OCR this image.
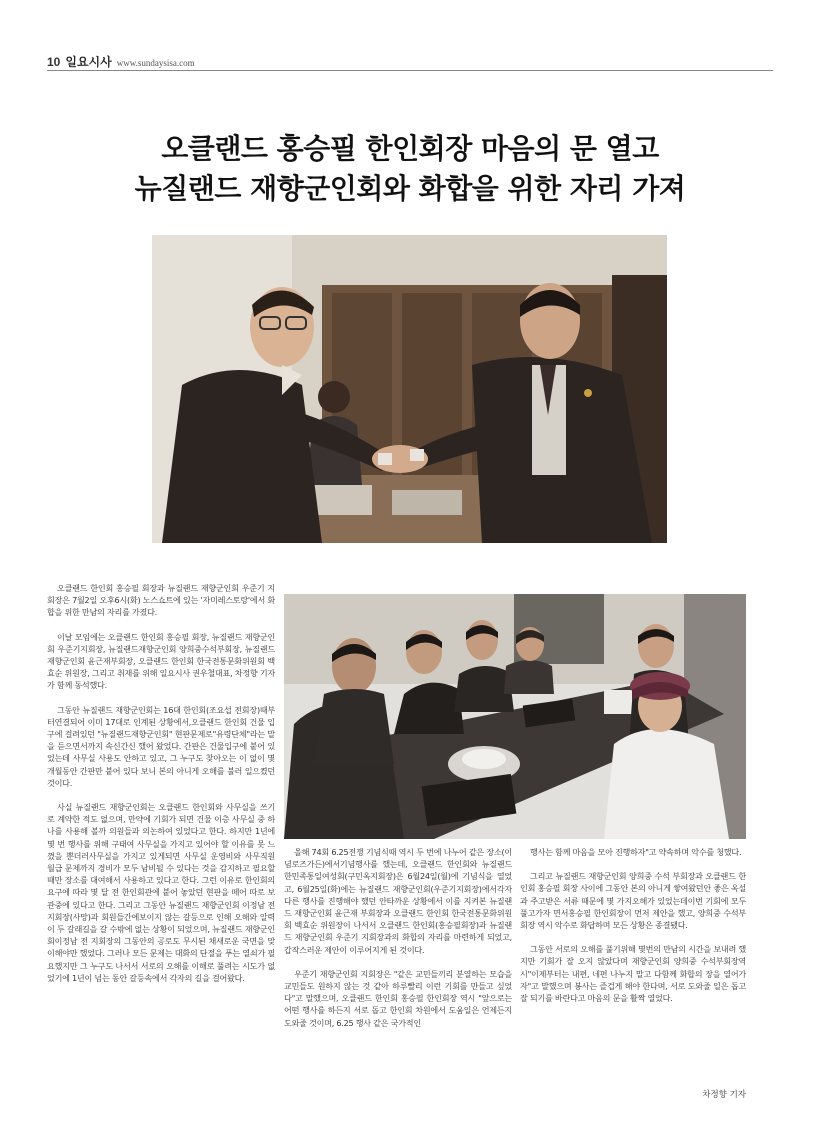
10 일요시사 www.sundaysisa.com
오클랜드 홍승필 한인회장 마음의 문 열고
뉴질랜드 재향군인회와 화합을 위한 자리 가져

오클랜드 한인회 홍승필 회장과 뉴질랜드 재향군인회 우준기 지회장은 7월2일 오후6시(화) 노스쇼트에 있는 '자미레스토랑'에서 화합을 위한 만남의 자리를 가졌다.

이날 모임에는 오클랜드 한인회 홍승필 회장, 뉴질랜드 재향군인회 우준기지회장, 뉴질랜드재향군인회 양희중수석부회장, 뉴질랜드 재향군인회 윤근재부회장, 오클랜드 한인회 한국전통문화위원회 백효순 위원장, 그리고 취재를 위해 일요시사 권우철대표, 차정향 기자가 함께 동석했다.

그동안 뉴질랜드 재향군인회는 16대 한인회(조요섭 전회장)때부터연결되어 이미 17대로 인계된 상황에서,오클랜드 한인회 건물 입구에 걸려있던 "뉴질랜드재향군인회" 현판문제로"유령단체"라는 말을 듣으면서까지 속신간신 했어 왔었다. 간판은 건물입구에 붙어 있었는데 사무실 사용도 안하고 있고, 그 누구도 찾아오는 이 없이 몇 개월동안 간판만 붙어 있다 보니 본의 아니게 오해를 불러 일으켰던 것이다.

사실 뉴질랜드 재향군인회는 오클랜드 한인회와 사무실을 쓰기로 계약한 적도 없으며, 만약에 기회가 되면 건물 이층 사무실 중 하나를 사용해 볼까 의원들과 의논하여 있었다고 한다. 하지만 1년에 몇 번 행사를 위해 구태여 사무실을 가지고 있어야 할 이유를 못 느꼈을 뿐더러사무실을 가지고 있게되면 사무실 운영비와 사무직원 월급 문제까지 경비가 모두 남비될 수 있다는 것을 감지하고 필요할 때만 장소를 대여해서 사용하고 있다고 한다. 그런 이유로 한인회의 요구에 따라 몇 달 전 한인회관에 붙어 놓았던 현판을 떼어 따로 보관중에 있다고 한다. 그리고 그동안 뉴질랜드 재향군인회 이정남 전 지회장(사망)과 회원들간에보이지 않는 갈등으로 인해 오해와 알력이 두 갈래길을 갈 수밖에 없는 상황이 되었으며, 뉴질랜드 재향군인회이정남 전 지회장의 그동안의 공로도 무시된 채새로운 국면을 맞이해야만 했었다. 그러나 모든 문제는 대화의 단절을 푸는 열쇠가 필요했지만 그 누구도 나서서 서로의 오해를 이해로 풀려는 시도가 없었기에 1년이 넘는 동안 갈등속에서 각자의 길을 걸어왔다.

올해 74회 6.25전쟁 기념식때 역시 두 번에 나누어 같은 장소(이념로즈가든)에서기념행사를 했는데, 오클랜드 한인회와 뉴질랜드 한민족통일여성회(구민옥지회장)은 6월24일(월)에 기념식을 열었고, 6월25일(화)에는 뉴질랜드 재향군인회(우준기지회장)에서각자 다른 행사를 진행해야 했던 안타까운 상황에서 이를 지켜본 뉴질랜드 재향군인회 윤근재 부회장과 오클랜드 한인회 한국전통문화위원회 백효순 위원장이 나서서 오클랜드 한인회(홍승필회장)과 뉴질랜드 재향군인회 우준기 지회장과의 화합의 자리를 마련하게 되었고,갑작스러운 제안이 이루어지게 된 것이다.

우준기 재향군인회 지회장은 "같은 교민들끼리 분열하는 모습을 교민들도 원하지 않는 것 같아 하루빨리 이런 기회를 만들고 싶었다"고 말했으며, 오클랜드 한인회 홍승필 한인회장 역시 "앞으로는 어떤 행사를 하든지 서로 돕고 한인회 차원에서 도움일은 언제든지 도와줄 것이며, 6.25 행사 같은 국가적인

행사는 함께 마음을 모아 진행하자"고 약속하며 악수를 청했다.

그리고 뉴질랜드 재향군인회 양희중 수석 부회장과 오클랜드 한인회 홍승필 회장 사이에 그동안 본의 아니게 쌓여왔던안 좋은 옥설과 주고받은 서류 때문에 몇 가지오해가 있었는데이번 기회에 모두 풀고가자 면서홍승필 한인회장이 먼저 제안을 했고, 양희중 수석부회장 역시 악수로 화답하며 모든 상황은 종결됐다.

그동안 서로의 오해를 풀기위해 몇번의 만남의 시간을 보내려 했지만 기회가 잘 오지 않았다며 재향군인회 양희중 수석부회장역시"이제부터는 내편, 네편 나누지 말고 다함께 화합의 장을 열어가자"고 말했으며 봉사는 즐겁게 해야 한다며, 서로 도와줄 일은 돕고 잘 되기를 바란다고 마음의 문을 활짝 열었다.

차정향 기자
